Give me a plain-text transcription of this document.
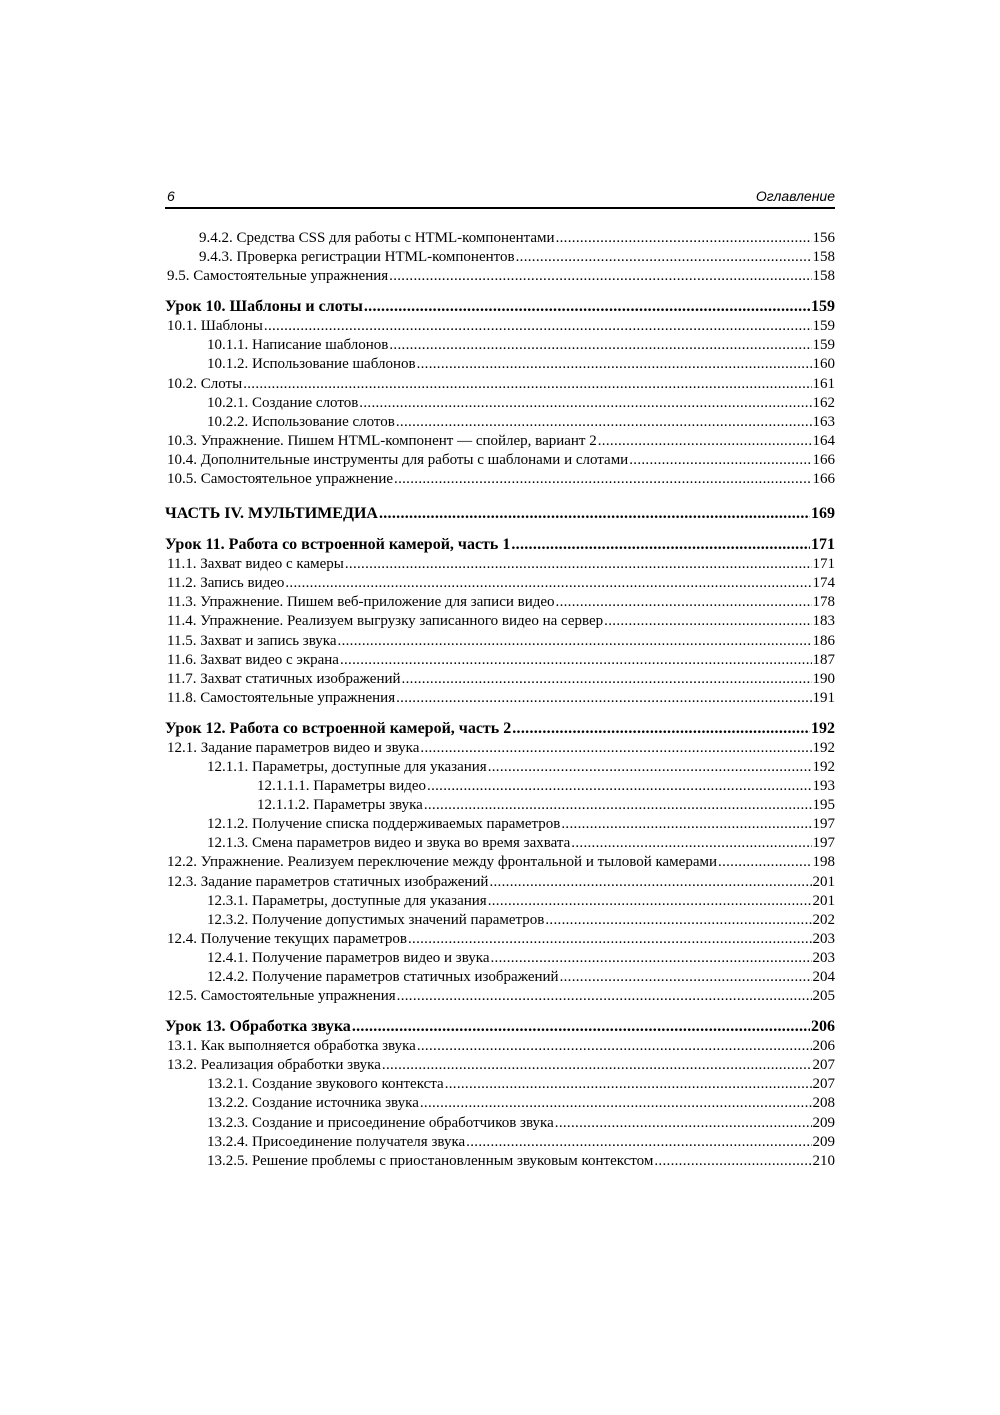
6	Оглавление
9.4.2. Средства CSS для работы с HTML-компонентами .....	156
9.4.3. Проверка регистрации HTML-компонентов .....	158
9.5. Самостоятельные упражнения .....	158
Урок 10. Шаблоны и слоты .....	159
10.1. Шаблоны .....	159
10.1.1. Написание шаблонов .....	159
10.1.2. Использование шаблонов .....	160
10.2. Слоты .....	161
10.2.1. Создание слотов .....	162
10.2.2. Использование слотов .....	163
10.3. Упражнение. Пишем HTML-компонент — спойлер, вариант 2 .....	164
10.4. Дополнительные инструменты для работы с шаблонами и слотами .....	166
10.5. Самостоятельное упражнение .....	166
ЧАСТЬ IV. МУЛЬТИМЕДИА .....	169
Урок 11. Работа со встроенной камерой, часть 1 .....	171
11.1. Захват видео с камеры .....	171
11.2. Запись видео .....	174
11.3. Упражнение. Пишем веб-приложение для записи видео .....	178
11.4. Упражнение. Реализуем выгрузку записанного видео на сервер .....	183
11.5. Захват и запись звука .....	186
11.6. Захват видео с экрана .....	187
11.7. Захват статичных изображений .....	190
11.8. Самостоятельные упражнения .....	191
Урок 12. Работа со встроенной камерой, часть 2 .....	192
12.1. Задание параметров видео и звука .....	192
12.1.1. Параметры, доступные для указания .....	192
12.1.1.1. Параметры видео .....	193
12.1.1.2. Параметры звука .....	195
12.1.2. Получение списка поддерживаемых параметров .....	197
12.1.3. Смена параметров видео и звука во время захвата .....	197
12.2. Упражнение. Реализуем переключение между фронтальной и тыловой камерами .....	198
12.3. Задание параметров статичных изображений .....	201
12.3.1. Параметры, доступные для указания .....	201
12.3.2. Получение допустимых значений параметров .....	202
12.4. Получение текущих параметров .....	203
12.4.1. Получение параметров видео и звука .....	203
12.4.2. Получение параметров статичных изображений .....	204
12.5. Самостоятельные упражнения .....	205
Урок 13. Обработка звука .....	206
13.1. Как выполняется обработка звука .....	206
13.2. Реализация обработки звука .....	207
13.2.1. Создание звукового контекста .....	207
13.2.2. Создание источника звука .....	208
13.2.3. Создание и присоединение обработчиков звука .....	209
13.2.4. Присоединение получателя звука .....	209
13.2.5. Решение проблемы с приостановленным звуковым контекстом .....	210
